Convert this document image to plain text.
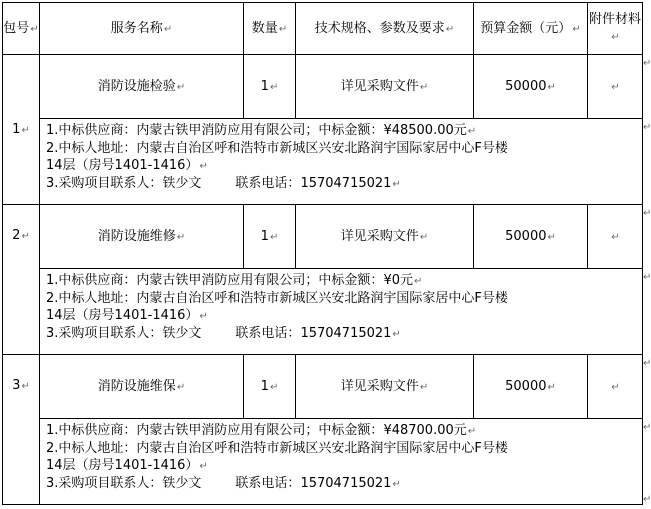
包号↵	服务名称↵	数量↵	技术规格、参数及要求↵	预算金额（元）↵	附件材料↵
1↵	消防设施检验↵	1↵	详见采购文件↵	50000↵	↵

	1.中标供应商：内蒙古铁甲消防应用有限公司；中标金额：¥48500.00元↵
2.中标人地址：内蒙古自治区呼和浩特市新城区兴安北路润宇国际家居中心F号楼
14层（房号1401-1416）↵
3.采购项目联系人：铁少文 联系电话：15704715021↵				

2↵	消防设施维修↵	1↵	详见采购文件↵	50000↵	↵

	1.中标供应商：内蒙古铁甲消防应用有限公司；中标金额：¥0元↵
2.中标人地址：内蒙古自治区呼和浩特市新城区兴安北路润宇国际家居中心F号楼
14层（房号1401-1416）↵
3.采购项目联系人：铁少文 联系电话：15704715021↵				

3↵	消防设施维保↵	1↵	详见采购文件↵	50000↵	↵

	1.中标供应商：内蒙古铁甲消防应用有限公司；中标金额：¥48700.00元↵
2.中标人地址：内蒙古自治区呼和浩特市新城区兴安北路润宇国际家居中心F号楼
14层（房号1401-1416）↵
3.采购项目联系人：铁少文 联系电话：15704715021↵				
↵
↵
↵
↵
↵
↵
↵
